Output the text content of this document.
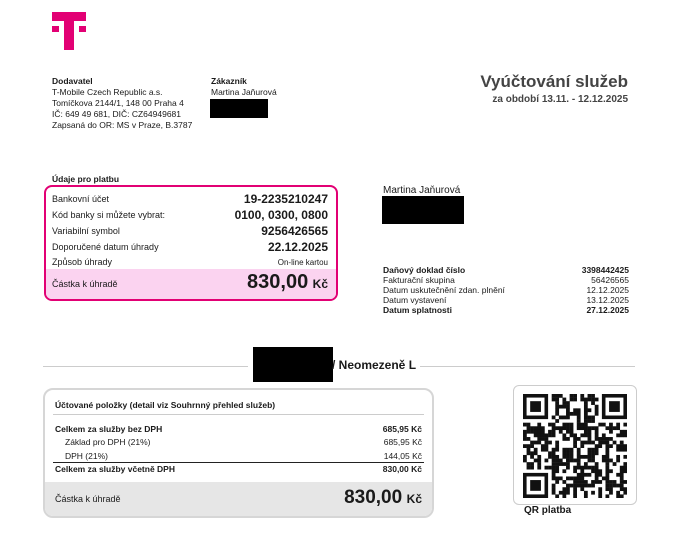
Dodavatel
T-Mobile Czech Republic a.s.
Tomíčkova 2144/1, 148 00 Praha 4
IČ: 649 49 681, DIČ: CZ64949681
Zapsaná do OR: MS v Praze, B.3787
Zákazník
Martina Jaňurová
Vyúčtování služeb
za období 13.11. - 12.12.2025
Údaje pro platbu
Bankovní účet	19-2235210247
Kód banky si můžete vybrat:	0100, 0300, 0800
Variabilní symbol	9256426565
Doporučené datum úhrady	22.12.2025
Způsob úhrady	On-line kartou
Částka k úhradě	830,00 Kč
Martina Jaňurová
Daňový doklad číslo	3398442425
Fakturační skupina	56426565
Datum uskutečnění zdan. plnění	12.12.2025
Datum vystavení	13.12.2025
Datum splatnosti	27.12.2025
/ Neomezeně L
Účtované položky (detail viz Souhrnný přehled služeb)
Celkem za služby bez DPH	685,95 Kč
Základ pro DPH (21%)	685,95 Kč
DPH (21%)	144,05 Kč
Celkem za služby včetně DPH	830,00 Kč
Částka k úhradě	830,00 Kč
QR platba
